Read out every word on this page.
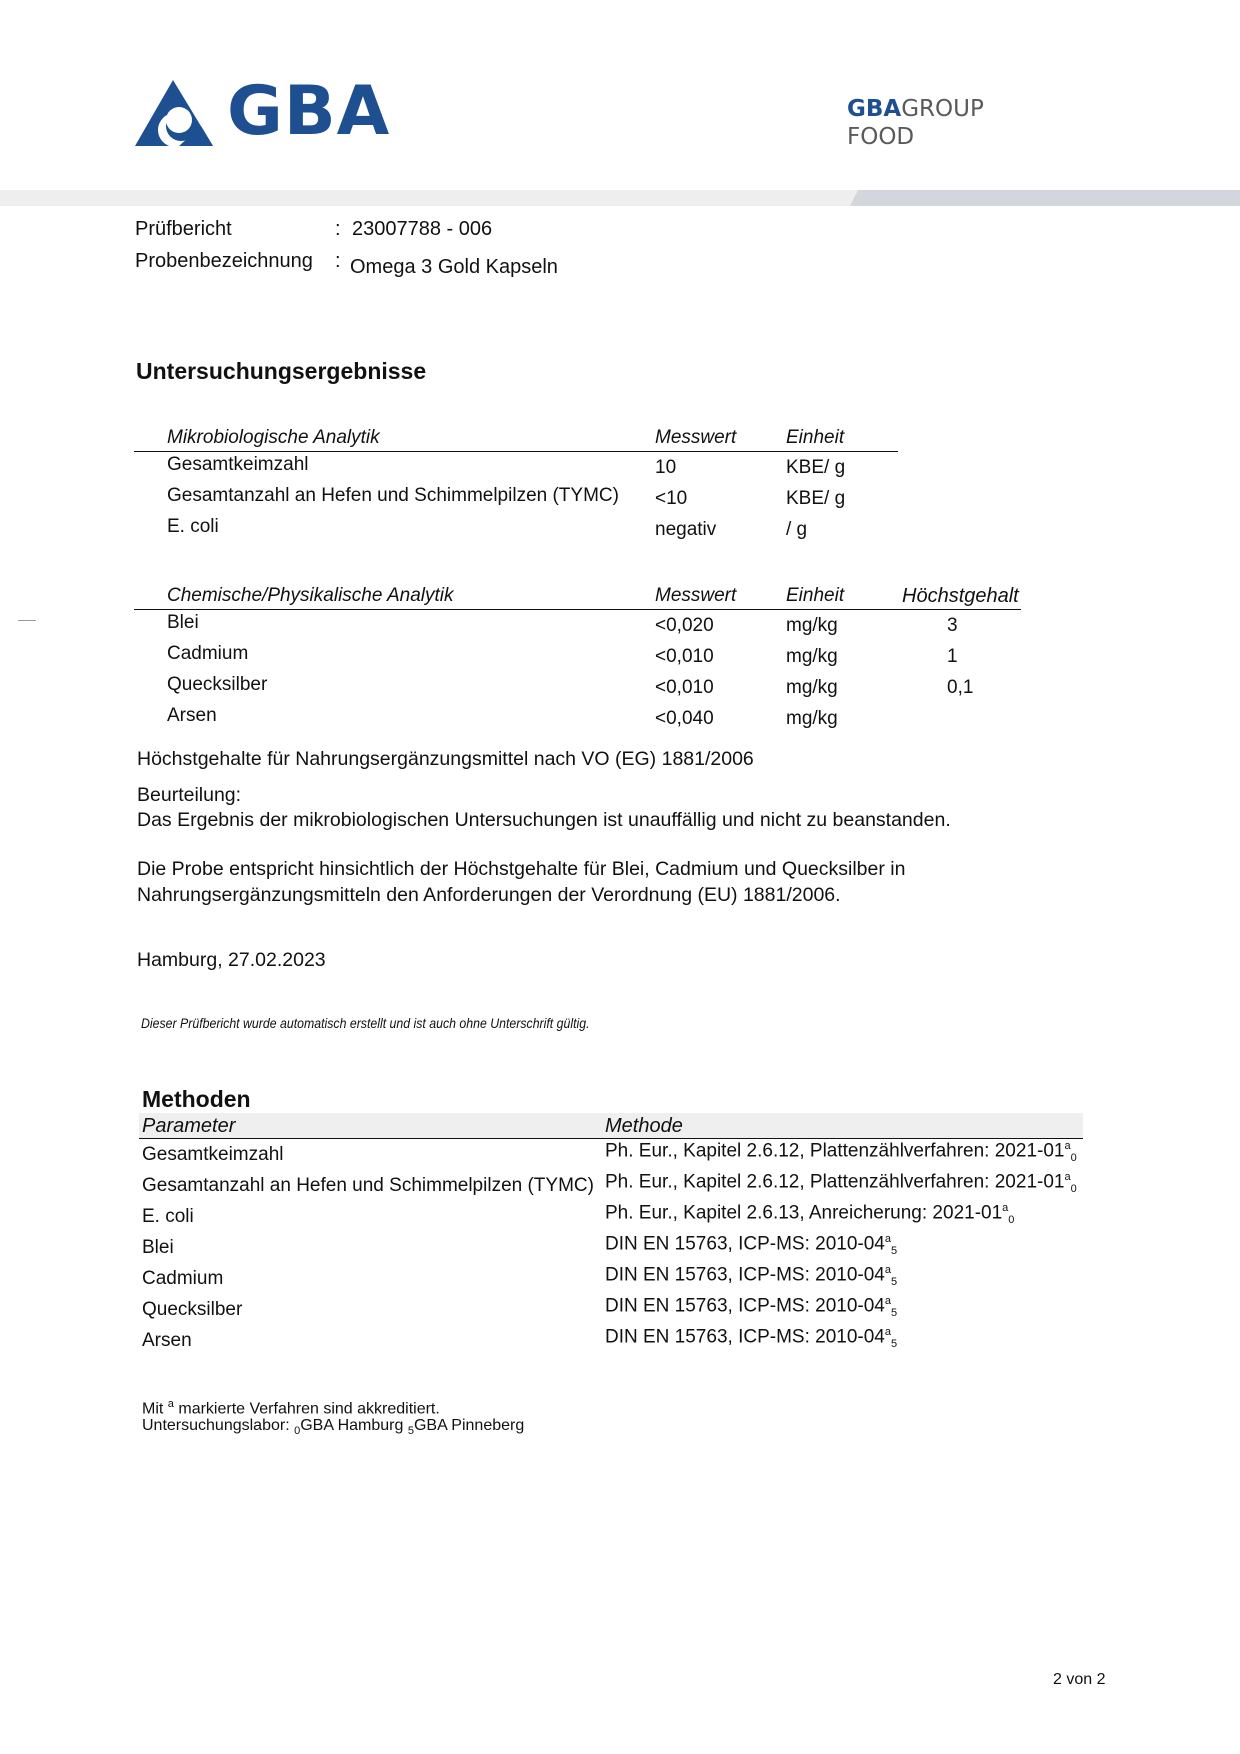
GBA	GBAGROUP
FOOD
Prüfbericht	: 23007788 - 006
Probenbezeichnung : Omega 3 Gold Kapseln
Untersuchungsergebnisse
Mikrobiologische Analytik	Messwert	Einheit
Gesamtkeimzahl	10	KBE/ g
Gesamtanzahl an Hefen und Schimmelpilzen (TYMC) <10	KBE/ g
E. coli	negativ	/ g
Chemische/Physikalische Analytik	Messwert	Einheit	Höchstgehalt
Blei	<0,020	mg/kg	3
Cadmium	<0,010	mg/kg	1
Quecksilber	<0,010	mg/kg	0,1
Arsen	<0,040	mg/kg
Höchstgehalte für Nahrungsergänzungsmittel nach VO (EG) 1881/2006
Beurteilung:
Das Ergebnis der mikrobiologischen Untersuchungen ist unauffällig und nicht zu beanstanden.
Die Probe entspricht hinsichtlich der Höchstgehalte für Blei, Cadmium und Quecksilber in
Nahrungsergänzungsmitteln den Anforderungen der Verordnung (EU) 1881/2006.
Hamburg, 27.02.2023
Dieser Prüfbericht wurde automatisch erstellt und ist auch ohne Unterschrift gültig.
Methoden
Parameter	Methode
Gesamtkeimzahl	Ph. Eur., Kapitel 2.6.12, Plattenzählverfahren: $2021-01^a_0$
Gesamtanzahl an Hefen und Schimmelpilzen (TYMC) Ph. Eur., Kapitel 2.6.12, Plattenzählverfahren: $2021-01^a_0$
E. coli	Ph. Eur., Kapitel 2.6.13, Anreicherung: $2021-01^a_0$
Blei	DIN EN 15763, ICP-MS: $2010-04^a_5$
Cadmium	DIN EN 15763, ICP-MS: $2010-04^a_5$
Quecksilber	DIN EN 15763, ICP-MS: $2010-04^a_5$
Arsen	DIN EN 15763, ICP-MS: $2010-04^a_5$
Mit $^a$ markierte Verfahren sind akkreditiert.
Untersuchungslabor: $_0$GBA Hamburg $_5$GBA Pinneberg
2 von 2
